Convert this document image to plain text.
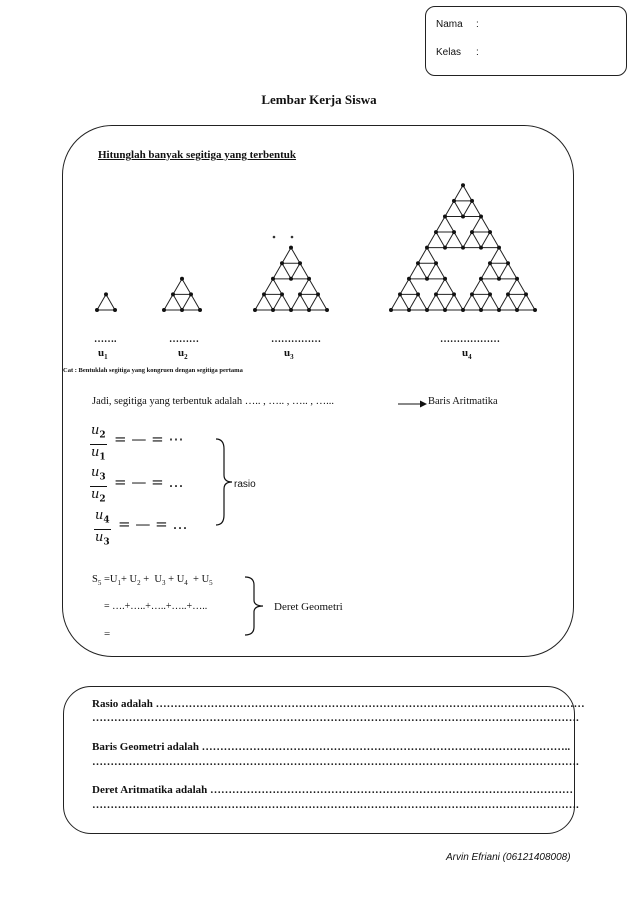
Nama :
Kelas :
Lembar Kerja Siswa
Hitunglah banyak segitiga yang terbentuk
…….
$u_1$
………
$u_2$
……………
$u_3$
………………
$u_4$
Cat : Bentuklah segitiga yang kongruen dengan segitiga pertama
Jadi, segitiga yang terbentuk adalah ….. , ….. , ….. , …...	Baris Aritmatika
$\frac{u_2}{u_1}$ = — = ⋯
$\frac{u_3}{u_2}$ = — = …
$\frac{u_4}{u_3}$ = — = …
rasio
$S_5 =U_1+ U_2 + U_3 + U_4 + U_5$
= ….+…..+…..+…..+…..
=
Deret Geometri
Rasio adalah ………………………………………………………………………………………………………
…………………………………………………………………………………………………………………….
Baris Geometri adalah ………………………………………………………………………………………..
…………………………………………………………………………………………………………………….
Deret Aritmatika adalah ………………………………………………………………………………………
…………………………………………………………………………………………………………………….
Arvin Efriani (06121408008)
